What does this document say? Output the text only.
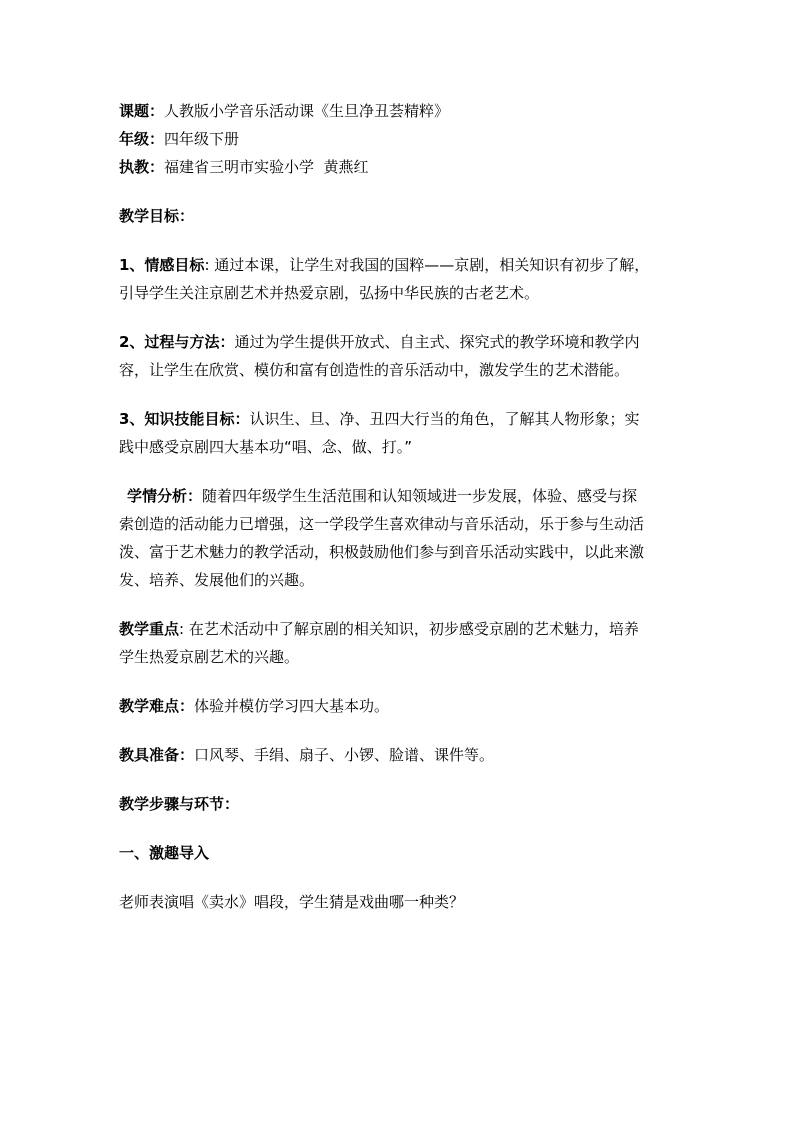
课题：人教版小学音乐活动课《生旦净丑荟精粹》
年级：四年级下册
执教：福建省三明市实验小学  黄燕红
教学目标：
1、情感目标: 通过本课，让学生对我国的国粹——京剧，相关知识有初步了解，
引导学生关注京剧艺术并热爱京剧，弘扬中华民族的古老艺术。
2、过程与方法：通过为学生提供开放式、自主式、探究式的教学环境和教学内
容，让学生在欣赏、模仿和富有创造性的音乐活动中，激发学生的艺术潜能。
3、知识技能目标：认识生、旦、净、丑四大行当的角色，了解其人物形象；实
践中感受京剧四大基本功“唱、念、做、打。”
学情分析：随着四年级学生生活范围和认知领域进一步发展，体验、感受与探
索创造的活动能力已增强，这一学段学生喜欢律动与音乐活动，乐于参与生动活
泼、富于艺术魅力的教学活动，积极鼓励他们参与到音乐活动实践中，以此来激
发、培养、发展他们的兴趣。
教学重点: 在艺术活动中了解京剧的相关知识，初步感受京剧的艺术魅力，培养
学生热爱京剧艺术的兴趣。
教学难点：体验并模仿学习四大基本功。
教具准备：口风琴、手绢、扇子、小锣、脸谱、课件等。
教学步骤与环节：
一、激趣导入
老师表演唱《卖水》唱段，学生猜是戏曲哪一种类？
